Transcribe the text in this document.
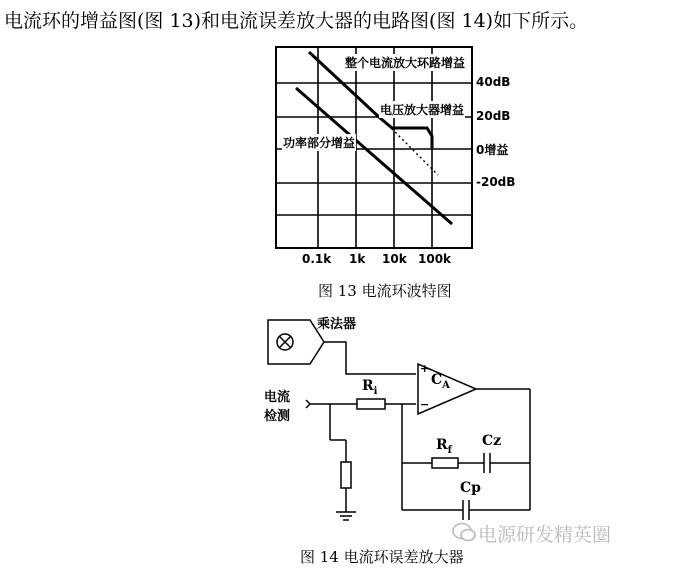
电流环的增益图(图 13)和电流误差放大器的电路图(图 14)如下所示。
整个电流放大环路增益
电压放大器增益
功率部分增益
40dB
20dB
0增益
-20dB
0.1k 1k 10k 100k
图 13 电流环波特图
乘法器
电流
检测
$R_i$
$C_A$
+
−
$R_f$
Cz
Cp
图 14 电流环误差放大器
电源研发精英圈
